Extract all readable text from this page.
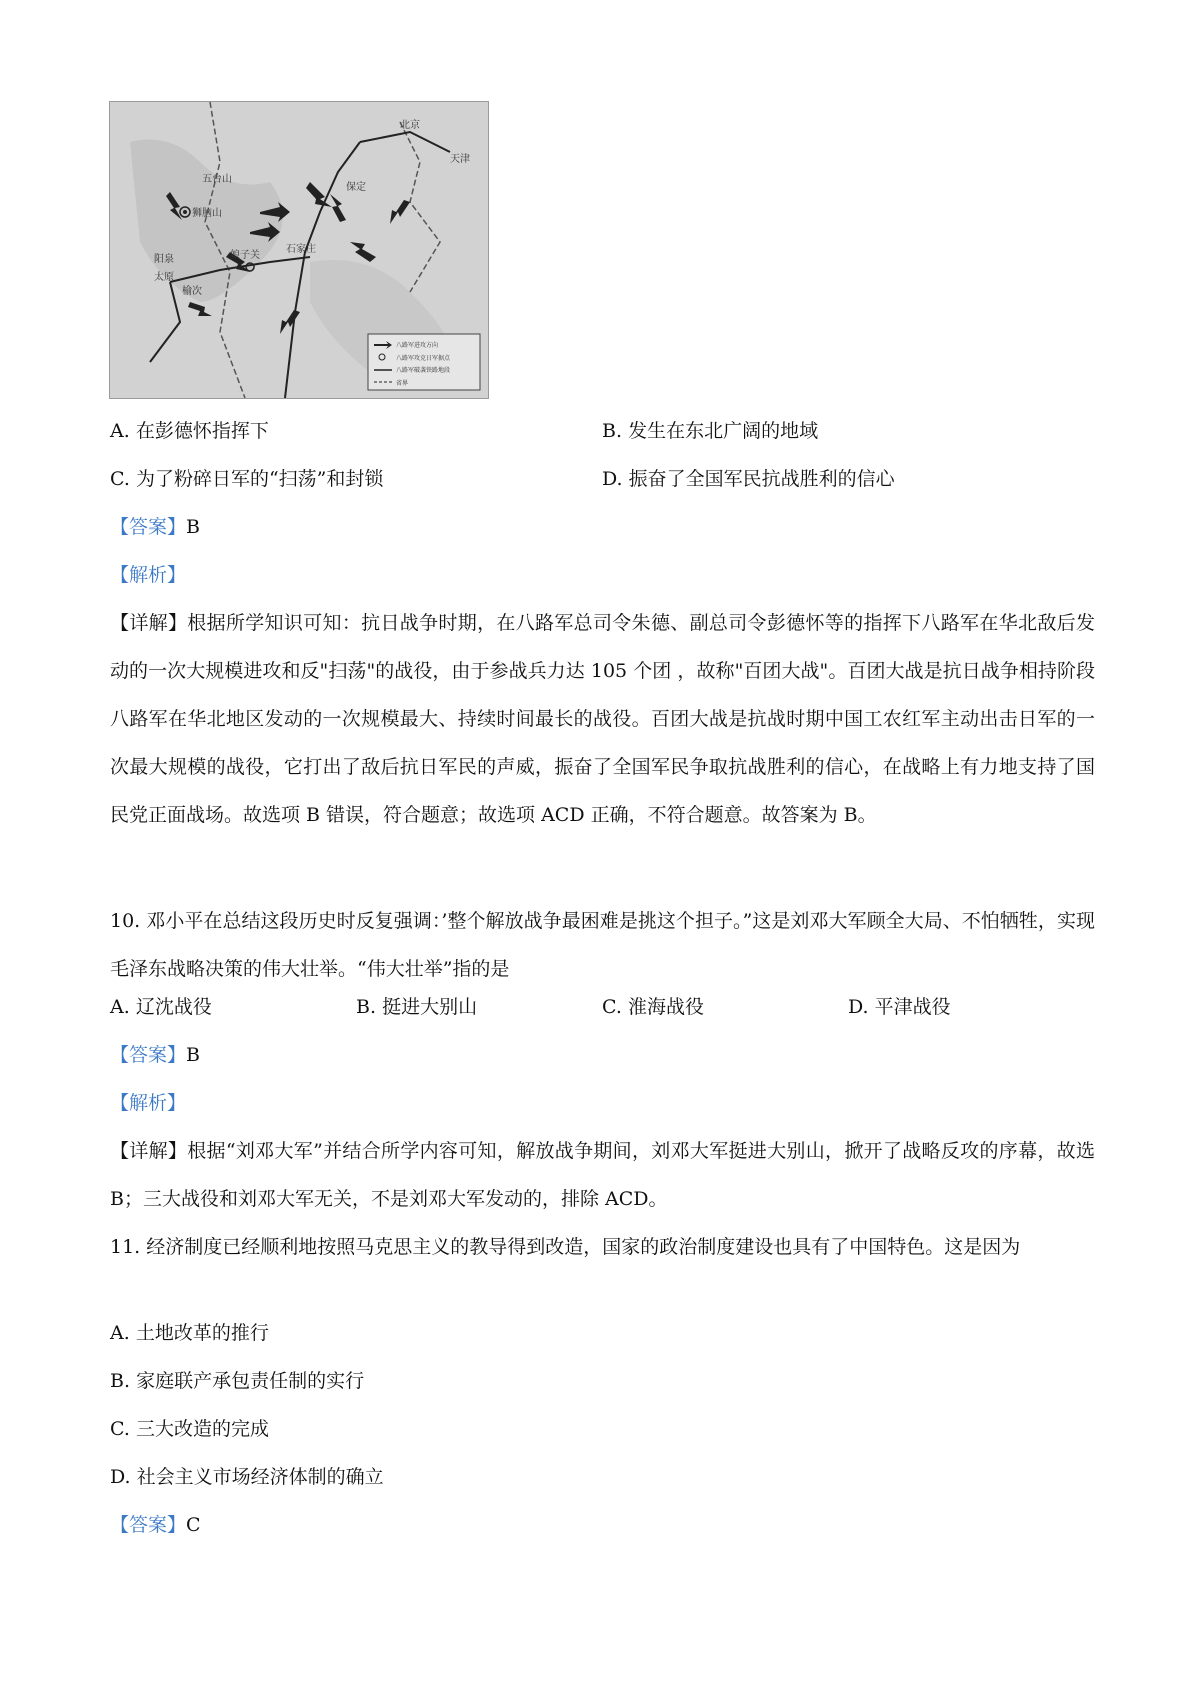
北京
天津
保定
太原
石家庄
娘子关
阳泉
榆次
五台山
狮脑山
八路军进攻方向
八路军攻克日军据点
八路军破袭铁路地段
省界
A. 在彭德怀指挥下	B. 发生在东北广阔的地域
C. 为了粉碎日军的“扫荡”和封锁	D. 振奋了全国军民抗战胜利的信心
【答案】B
【解析】
【详解】根据所学知识可知：抗日战争时期，在八路军总司令朱德、副总司令彭德怀等的指挥下八路军在华北敌后发动的一次大规模进攻和反"扫荡"的战役，由于参战兵力达 105 个团 ，故称"百团大战"。百团大战是抗日战争相持阶段八路军在华北地区发动的一次规模最大、持续时间最长的战役。百团大战是抗战时期中国工农红军主动出击日军的一次最大规模的战役，它打出了敌后抗日军民的声威，振奋了全国军民争取抗战胜利的信心，在战略上有力地支持了国民党正面战场。故选项 B 错误，符合题意；故选项 ACD 正确，不符合题意。故答案为 B。
10. 邓小平在总结这段历史时反复强调：’整个解放战争最困难是挑这个担子。”这是刘邓大军顾全大局、不怕牺牲，实现毛泽东战略决策的伟大壮举。“伟大壮举”指的是
A. 辽沈战役	B. 挺进大别山	C. 淮海战役	D. 平津战役
【答案】B
【解析】
【详解】根据“刘邓大军”并结合所学内容可知，解放战争期间，刘邓大军挺进大别山，掀开了战略反攻的序幕，故选 B；三大战役和刘邓大军无关，不是刘邓大军发动的，排除 ACD。
11. 经济制度已经顺利地按照马克思主义的教导得到改造，国家的政治制度建设也具有了中国特色。这是因为
A. 土地改革的推行
B. 家庭联产承包责任制的实行
C. 三大改造的完成
D. 社会主义市场经济体制的确立
【答案】C
